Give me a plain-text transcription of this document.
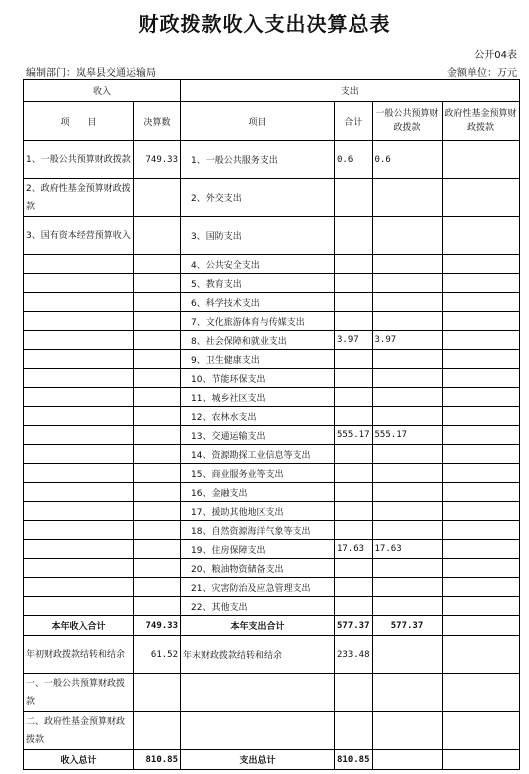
财政拨款收入支出决算总表
公开04表
编制部门：岚皋县交通运输局	金额单位：万元
收入		支出			
项　　目	决算数	项目	合计	一般公共预算财政拨款	政府性基金预算财政拨款
1、一般公共预算财政拨款	749.33	1、一般公共服务支出	0.6	0.6	
2、政府性基金预算财政拨款		2、外交支出			
3、国有资本经营预算收入		3、国防支出			
		4、公共安全支出			
		5、教育支出			
		6、科学技术支出			
		7、文化旅游体育与传媒支出			
		8、社会保障和就业支出	3.97	3.97	
		9、卫生健康支出			
		10、节能环保支出			
		11、城乡社区支出			
		12、农林水支出			
		13、交通运输支出	555.17	555.17	
		14、资源勘探工业信息等支出			
		15、商业服务业等支出			
		16、金融支出			
		17、援助其他地区支出			
		18、自然资源海洋气象等支出			
		19、住房保障支出	17.63	17.63	
		20、粮油物资储备支出			
		21、灾害防治及应急管理支出			
		22、其他支出			
本年收入合计	749.33	本年支出合计	577.37	577.37	
年初财政拨款结转和结余	61.52	年末财政拨款结转和结余	233.48		
一、一般公共预算财政拨款					
二、政府性基金预算财政拨款					
收入总计	810.85	支出总计	810.85		
